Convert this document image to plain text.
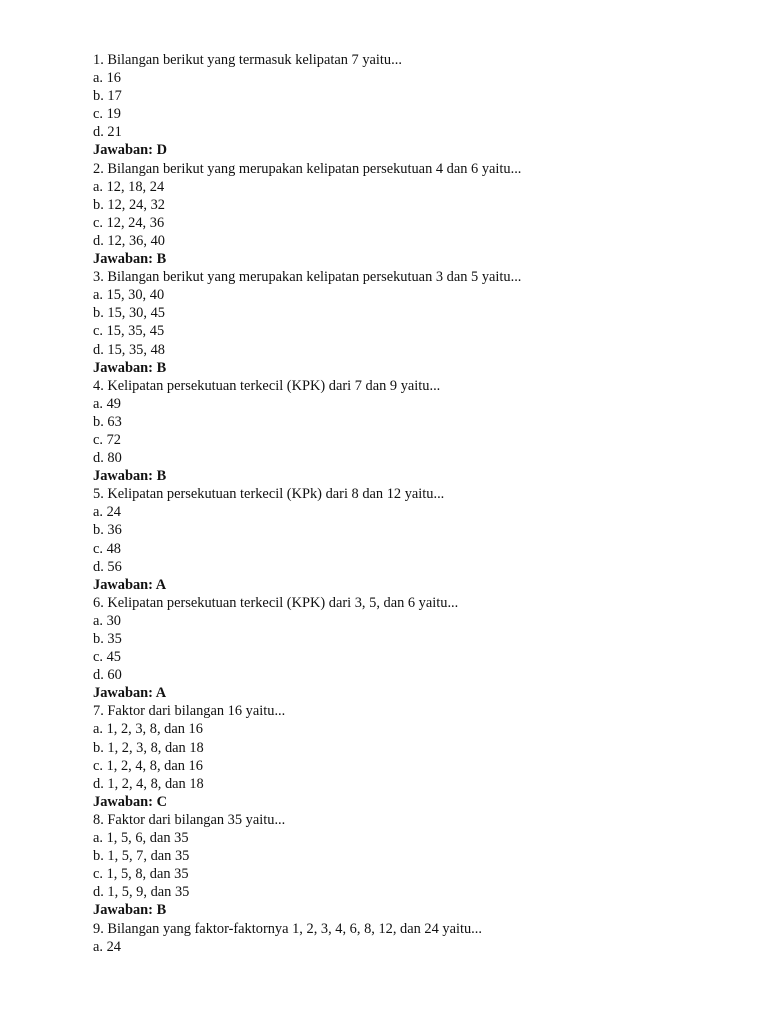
1. Bilangan berikut yang termasuk kelipatan 7 yaitu...
a. 16
b. 17
c. 19
d. 21
Jawaban: D
2. Bilangan berikut yang merupakan kelipatan persekutuan 4 dan 6 yaitu...
a. 12, 18, 24
b. 12, 24, 32
c. 12, 24, 36
d. 12, 36, 40
Jawaban: B
3. Bilangan berikut yang merupakan kelipatan persekutuan 3 dan 5 yaitu...
a. 15, 30, 40
b. 15, 30, 45
c. 15, 35, 45
d. 15, 35, 48
Jawaban: B
4. Kelipatan persekutuan terkecil (KPK) dari 7 dan 9 yaitu...
a. 49
b. 63
c. 72
d. 80
Jawaban: B
5. Kelipatan persekutuan terkecil (KPk) dari 8 dan 12 yaitu...
a. 24
b. 36
c. 48
d. 56
Jawaban: A
6. Kelipatan persekutuan terkecil (KPK) dari 3, 5, dan 6 yaitu...
a. 30
b. 35
c. 45
d. 60
Jawaban: A
7. Faktor dari bilangan 16 yaitu...
a. 1, 2, 3, 8, dan 16
b. 1, 2, 3, 8, dan 18
c. 1, 2, 4, 8, dan 16
d. 1, 2, 4, 8, dan 18
Jawaban: C
8. Faktor dari bilangan 35 yaitu...
a. 1, 5, 6, dan 35
b. 1, 5, 7, dan 35
c. 1, 5, 8, dan 35
d. 1, 5, 9, dan 35
Jawaban: B
9. Bilangan yang faktor-faktornya 1, 2, 3, 4, 6, 8, 12, dan 24 yaitu...
a. 24
